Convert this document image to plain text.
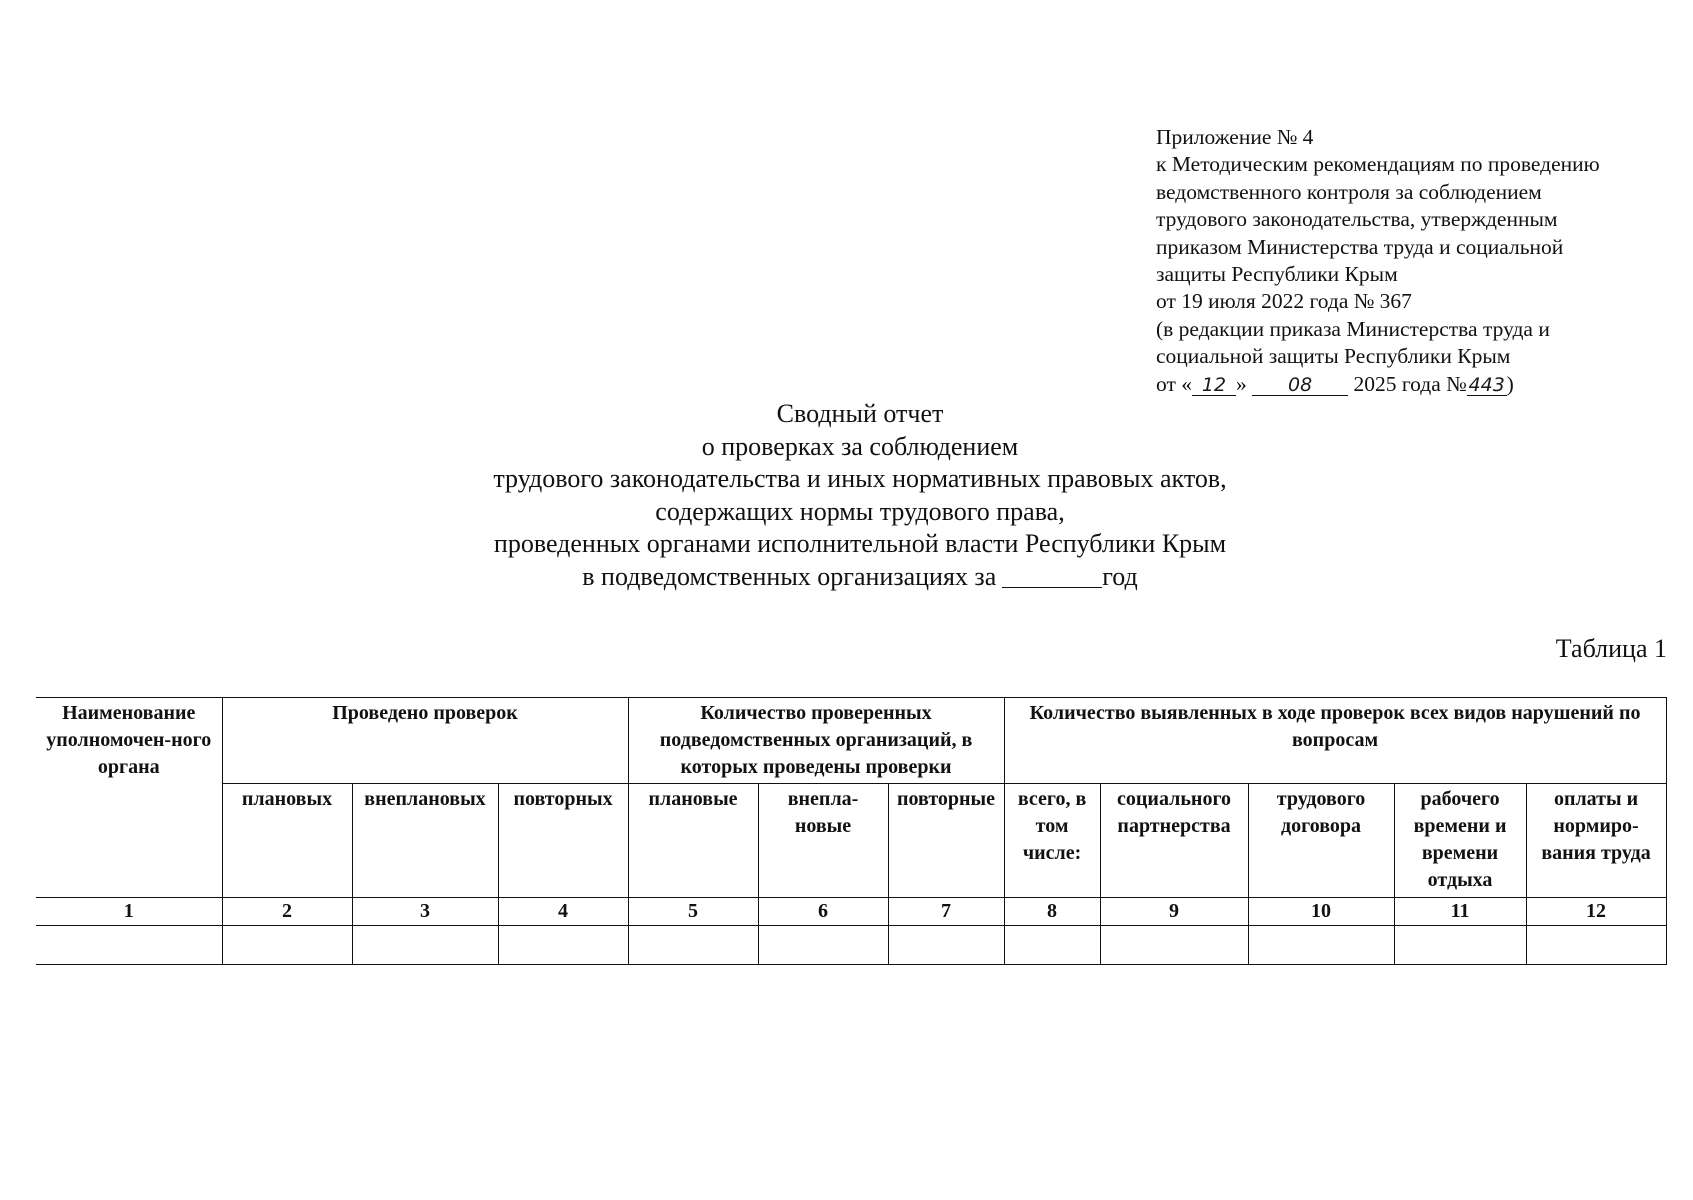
Приложение № 4
к Методическим рекомендациям по проведению
ведомственного контроля за соблюдением
трудового законодательства, утвержденным
приказом Министерства труда и социальной
защиты Республики Крым
от 19 июля 2022 года № 367
(в редакции приказа Министерства труда и
социальной защиты Республики Крым
от « 12 » 08 2025 года №443)
Сводный отчет
о проверках за соблюдением
трудового законодательства и иных нормативных правовых актов,
содержащих нормы трудового права,
проведенных органами исполнительной власти Республики Крым
в подведомственных организациях за	год
Таблица 1
Наименование уполномочен-ного органа	Проведено проверок			Количество проверенных подведомственных организаций, в которых проведены проверки			Количество выявленных в ходе проверок всех видов нарушений по вопросам				
	плановых	внеплановых	повторных	плановые	внепла-новые	повторные	всего, в том числе:	социального партнерства	трудового договора	рабочего времени и времени отдыха	оплаты и нормиро-вания труда
1	2	3	4	5	6	7	8	9	10	11	12
